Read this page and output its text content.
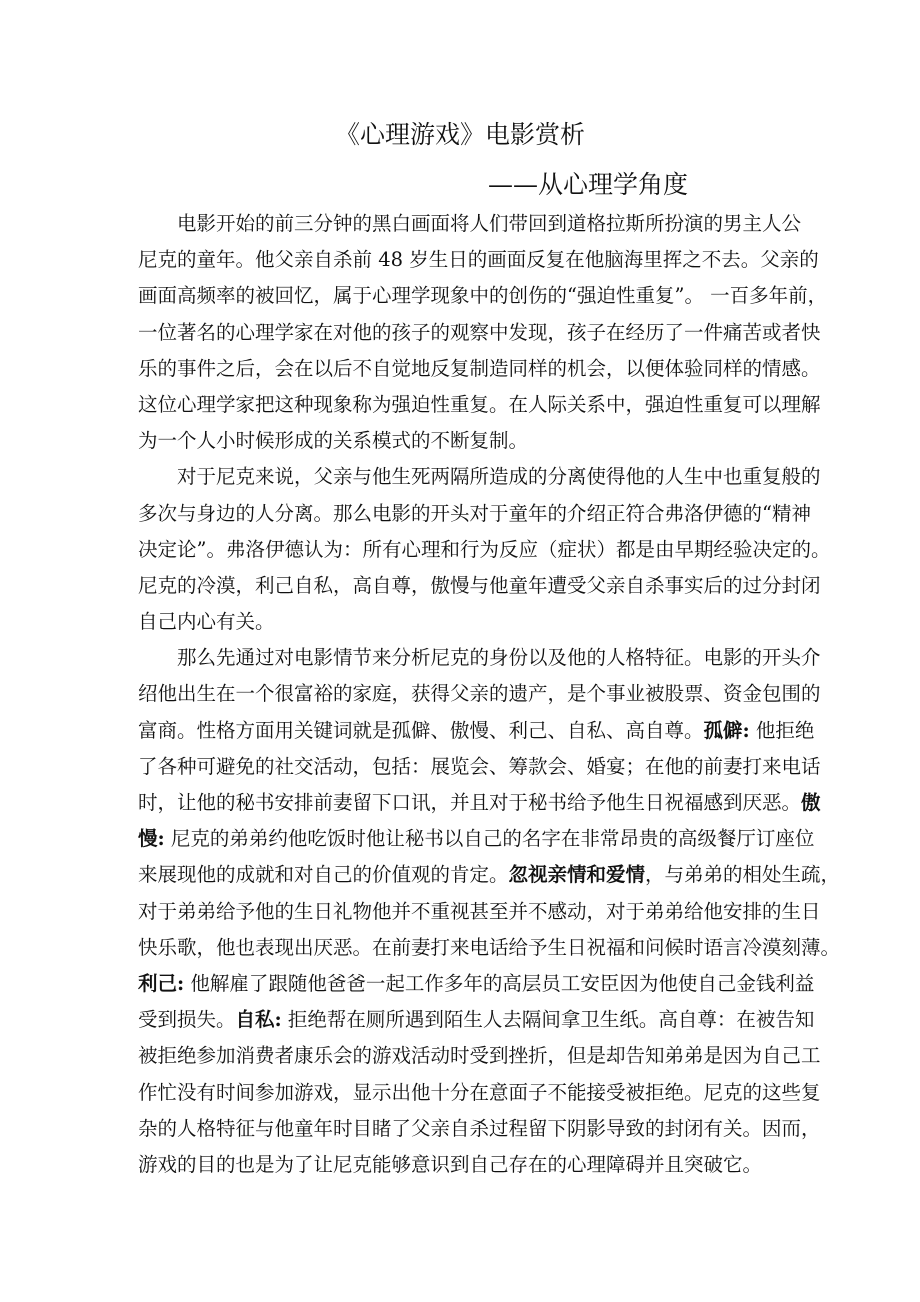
《心理游戏》电影赏析
——从心理学角度
电影开始的前三分钟的黑白画面将人们带回到道格拉斯所扮演的男主人公
尼克的童年。他父亲自杀前 48 岁生日的画面反复在他脑海里挥之不去。父亲的
画面高频率的被回忆，属于心理学现象中的创伤的“强迫性重复”。 一百多年前，
一位著名的心理学家在对他的孩子的观察中发现，孩子在经历了一件痛苦或者快
乐的事件之后，会在以后不自觉地反复制造同样的机会，以便体验同样的情感。
这位心理学家把这种现象称为强迫性重复。在人际关系中，强迫性重复可以理解
为一个人小时候形成的关系模式的不断复制。
对于尼克来说，父亲与他生死两隔所造成的分离使得他的人生中也重复般的
多次与身边的人分离。那么电影的开头对于童年的介绍正符合弗洛伊德的“精神
决定论”。弗洛伊德认为：所有心理和行为反应（症状）都是由早期经验决定的。
尼克的冷漠，利己自私，高自尊，傲慢与他童年遭受父亲自杀事实后的过分封闭
自己内心有关。
那么先通过对电影情节来分析尼克的身份以及他的人格特征。电影的开头介
绍他出生在一个很富裕的家庭，获得父亲的遗产，是个事业被股票、资金包围的
富商。性格方面用关键词就是孤僻、傲慢、利己、自私、高自尊。孤僻: 他拒绝
了各种可避免的社交活动，包括：展览会、筹款会、婚宴；在他的前妻打来电话
时，让他的秘书安排前妻留下口讯，并且对于秘书给予他生日祝福感到厌恶。傲
慢: 尼克的弟弟约他吃饭时他让秘书以自己的名字在非常昂贵的高级餐厅订座位
来展现他的成就和对自己的价值观的肯定。忽视亲情和爱情，与弟弟的相处生疏，
对于弟弟给予他的生日礼物他并不重视甚至并不感动，对于弟弟给他安排的生日
快乐歌，他也表现出厌恶。在前妻打来电话给予生日祝福和问候时语言冷漠刻薄。
利己: 他解雇了跟随他爸爸一起工作多年的高层员工安臣因为他使自己金钱利益
受到损失。自私: 拒绝帮在厕所遇到陌生人去隔间拿卫生纸。高自尊：在被告知
被拒绝参加消费者康乐会的游戏活动时受到挫折，但是却告知弟弟是因为自己工
作忙没有时间参加游戏，显示出他十分在意面子不能接受被拒绝。尼克的这些复
杂的人格特征与他童年时目睹了父亲自杀过程留下阴影导致的封闭有关。因而，
游戏的目的也是为了让尼克能够意识到自己存在的心理障碍并且突破它。
